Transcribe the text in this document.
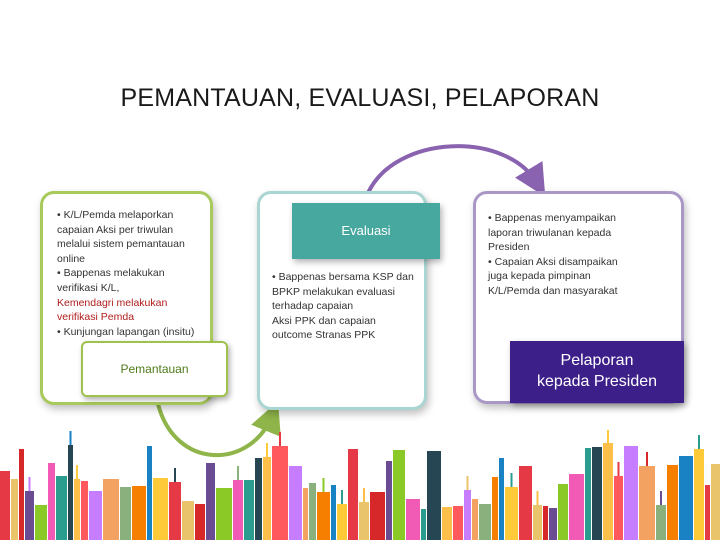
PEMANTAUAN, EVALUASI, PELAPORAN
• K/L/Pemda melaporkan capaian Aksi per triwulan melalui sistem pemantauan online
• Bappenas melakukan verifikasi K/L,
Kemendagri melakukan verifikasi Pemda
• Kunjungan lapangan (insitu)
Pemantauan
Evaluasi
• Bappenas bersama KSP dan BPKP melakukan evaluasi terhadap capaian
Aksi PPK dan capaian outcome Stranas PPK
• Bappenas menyampaikan laporan triwulanan kepada Presiden
• Capaian Aksi disampaikan juga kepada pimpinan K/L/Pemda dan masyarakat
Pelaporan
kepada Presiden
